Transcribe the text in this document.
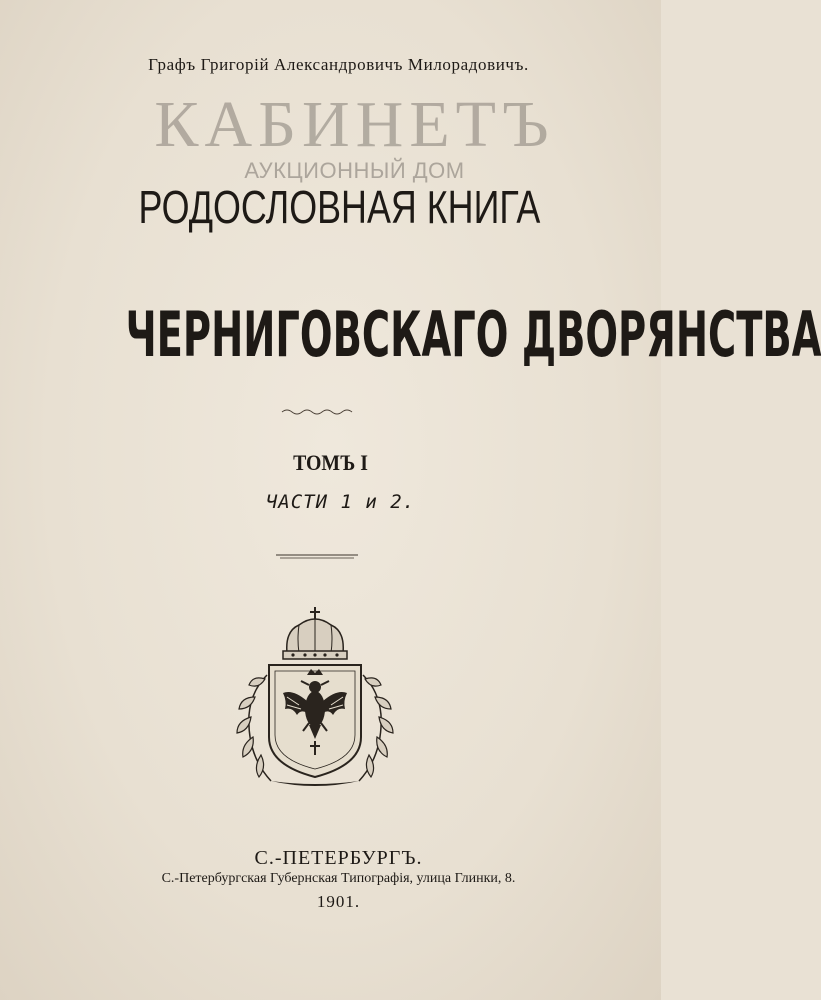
Графъ Григорій Александровичъ Милорадовичъ.
КАБИНЕТЪ
АУКЦИОННЫЙ ДОМ
РОДОСЛОВНАЯ КНИГА
ЧЕРНИГОВСКАГО ДВОРЯНСТВА
ТОМЪ I
ЧАСТИ 1 и 2.
С.-ПЕТЕРБУРГЪ.
С.-Петербургская Губернская Типографія, улица Глинки, 8.
1901.
